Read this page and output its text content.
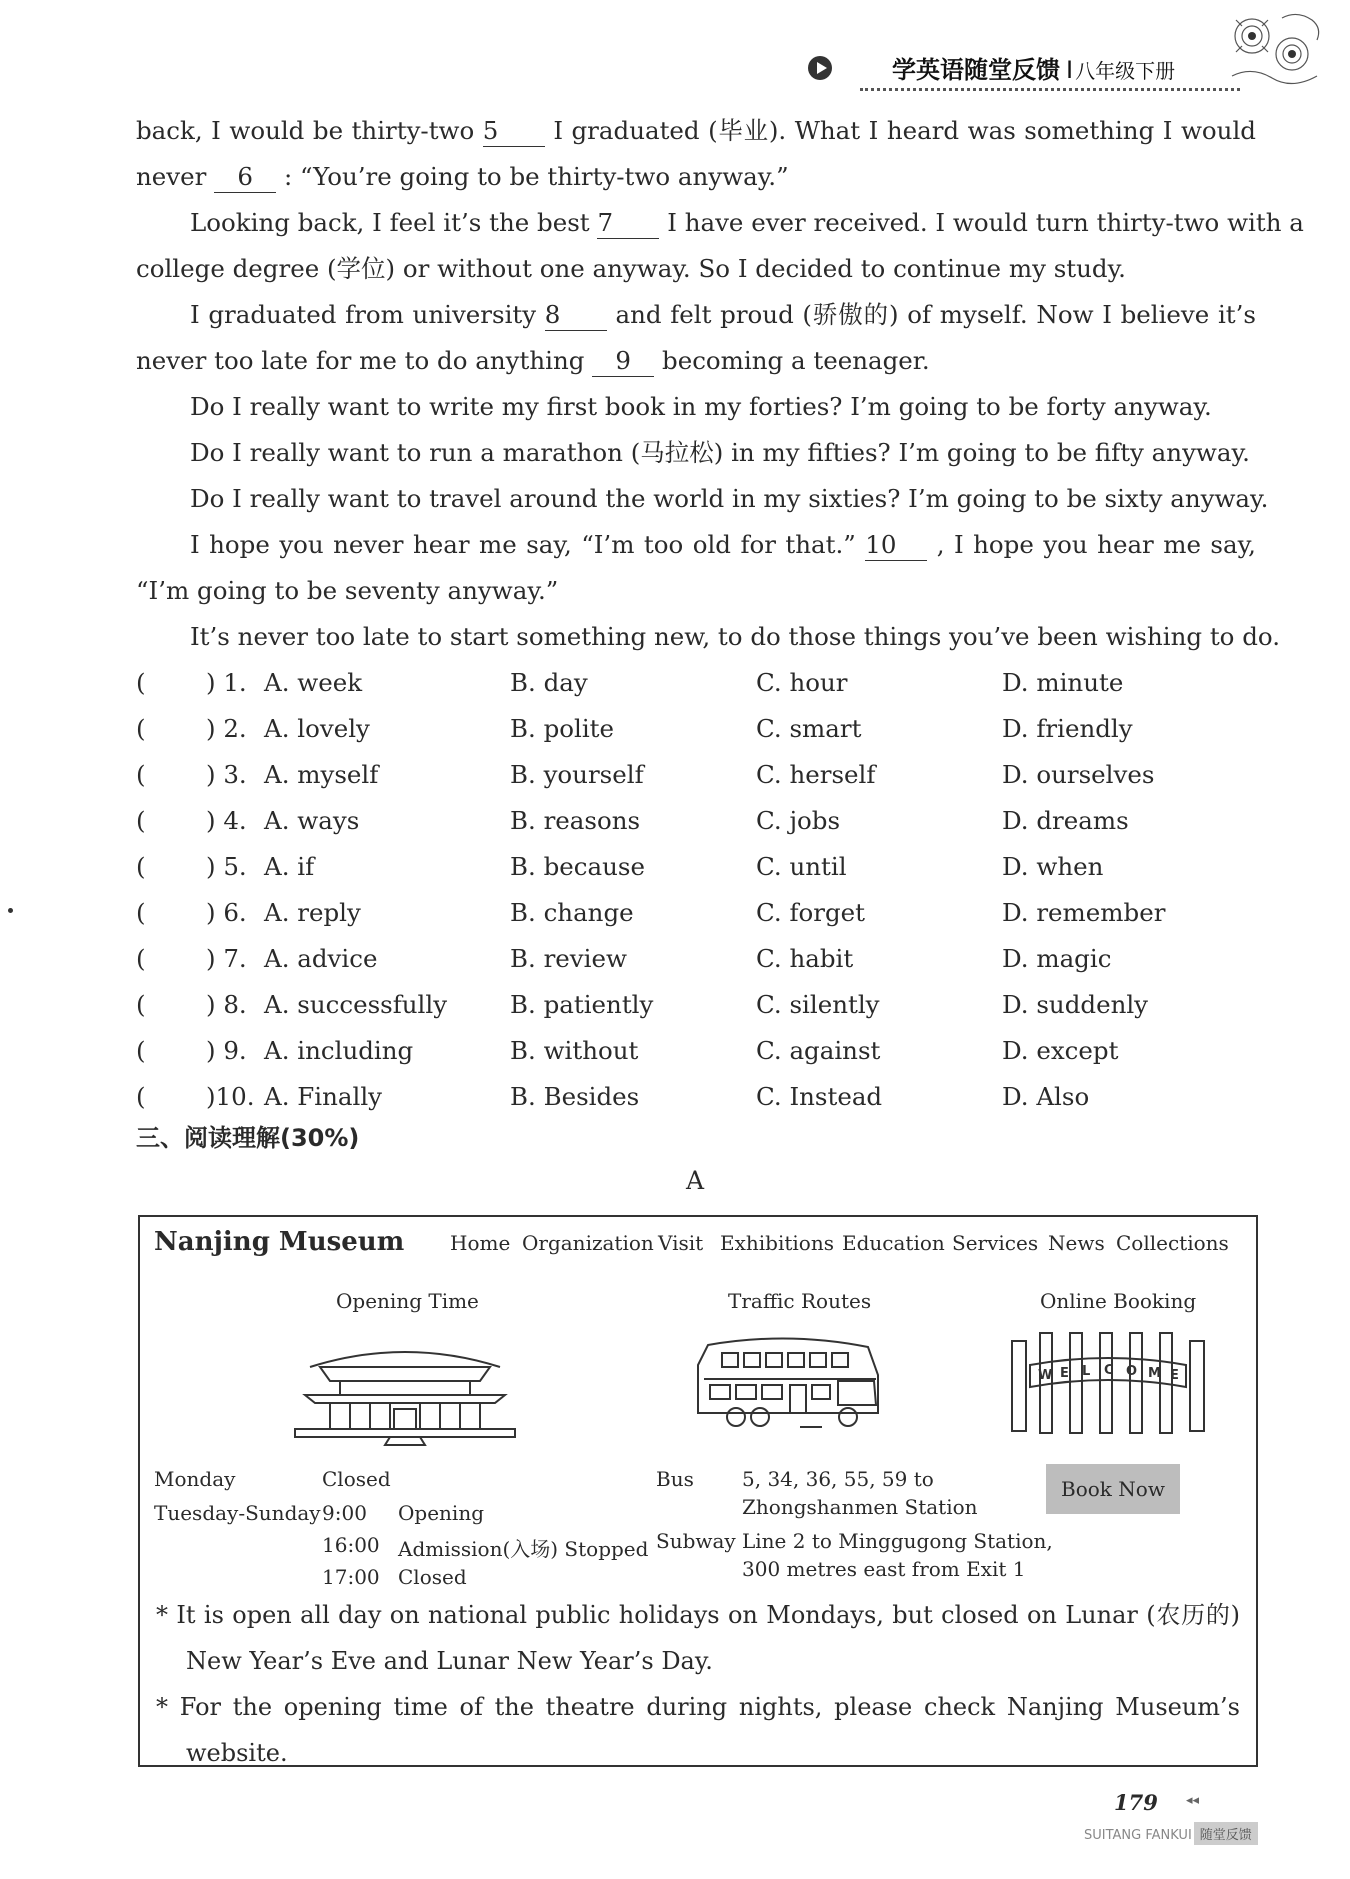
学英语随堂反馈 I 八年级下册
back, I would be thirty-two 5 I graduated (毕业). What I heard was something I would
never 6 : “You’re going to be thirty-two anyway.”
Looking back, I feel it’s the best 7 I have ever received. I would turn thirty-two with a
college degree (学位) or without one anyway. So I decided to continue my study.
I graduated from university 8 and felt proud (骄傲的) of myself. Now I believe it’s
never too late for me to do anything 9 becoming a teenager.
Do I really want to write my first book in my forties? I’m going to be forty anyway.
Do I really want to run a marathon (马拉松) in my fifties? I’m going to be fifty anyway.
Do I really want to travel around the world in my sixties? I’m going to be sixty anyway.
I hope you never hear me say, “I’m too old for that.” 10 , I hope you hear me say,
“I’m going to be seventy anyway.”
It’s never too late to start something new, to do those things you’ve been wishing to do.
( ) 1. A. week	B. day	C. hour	D. minute
( ) 2. A. lovely	B. polite	C. smart	D. friendly
( ) 3. A. myself	B. yourself	C. herself	D. ourselves
( ) 4. A. ways	B. reasons	C. jobs	D. dreams
( ) 5. A. if	B. because	C. until	D. when
( ) 6. A. reply	B. change	C. forget	D. remember
( ) 7. A. advice	B. review	C. habit	D. magic
( ) 8. A. successfully	B. patiently	C. silently	D. suddenly
( ) 9. A. including	B. without	C. against	D. except
( )10. A. Finally	B. Besides	C. Instead	D. Also
三、阅读理解(30%)
A
Nanjing Museum Home Organization Visit Exhibitions Education Services News Collections
Opening Time	Traffic Routes	Online Booking
W E L C O M E
Monday	Closed
Tuesday-Sunday 9:00 Opening
16:00 Admission(入场) Stopped
17:00 Closed
Bus 5, 34, 36, 55, 59 to
Zhongshanmen Station
Subway Line 2 to Minggugong Station,
300 metres east from Exit 1
Book Now
* It is open all day on national public holidays on Mondays, but closed on Lunar (农历的)
New Year’s Eve and Lunar New Year’s Day.
* For the opening time of the theatre during nights, please check Nanjing Museum’s
website.
179 ◂◂
SUITANG FANKUI 随堂反馈
